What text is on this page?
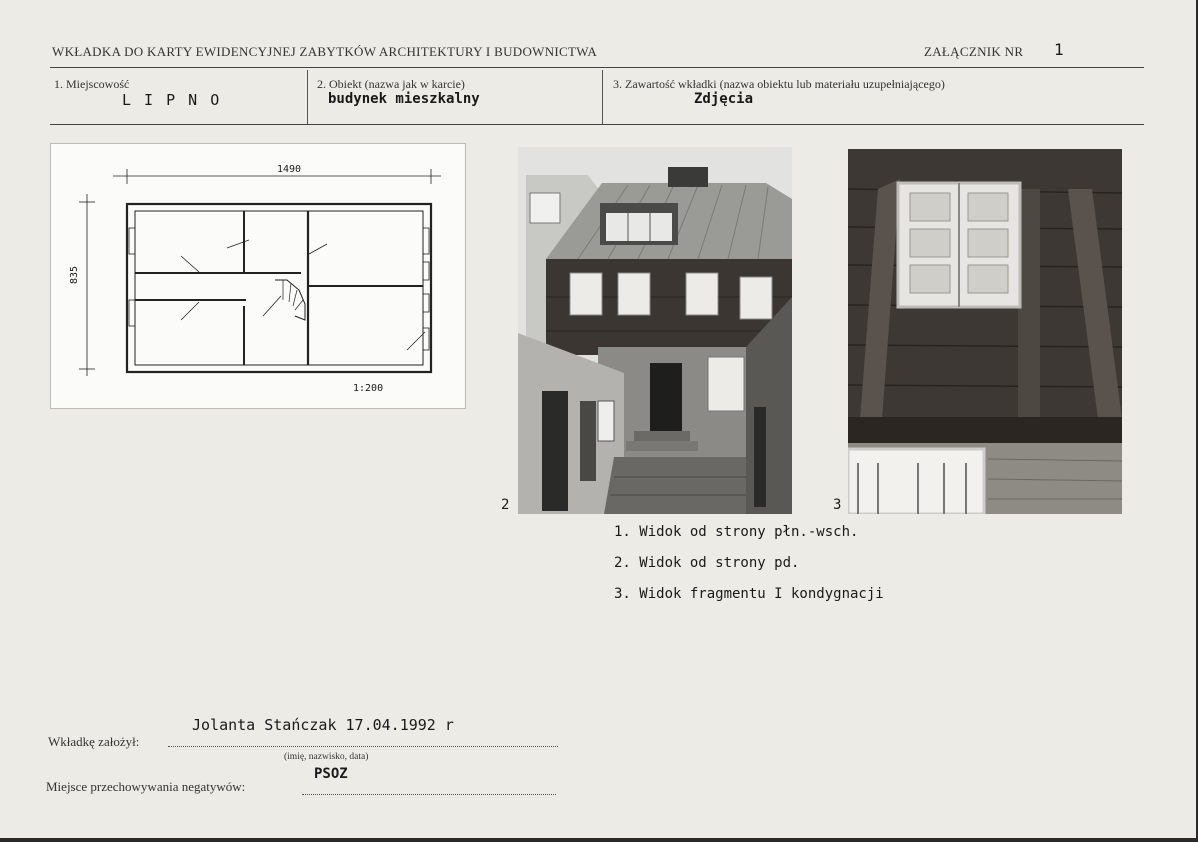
WKŁADKA DO KARTY EWIDENCYJNEJ ZABYTKÓW ARCHITEKTURY I BUDOWNICTWA	ZAŁĄCZNIK NR 1
1. Miejscowość
L I P N O
2. Obiekt (nazwa jak w karcie)
budynek mieszkalny
3. Zawartość wkładki (nazwa obiektu lub materiału uzupełniającego)
Zdjęcia
1490
835
1:200
2	3
1. Widok od strony płn.-wsch.
2. Widok od strony pd.
3. Widok fragmentu I kondygnacji
Jolanta Stańczak 17.04.1992 r
Wkładkę założył:
(imię, nazwisko, data)
PSOZ
Miejsce przechowywania negatywów:
